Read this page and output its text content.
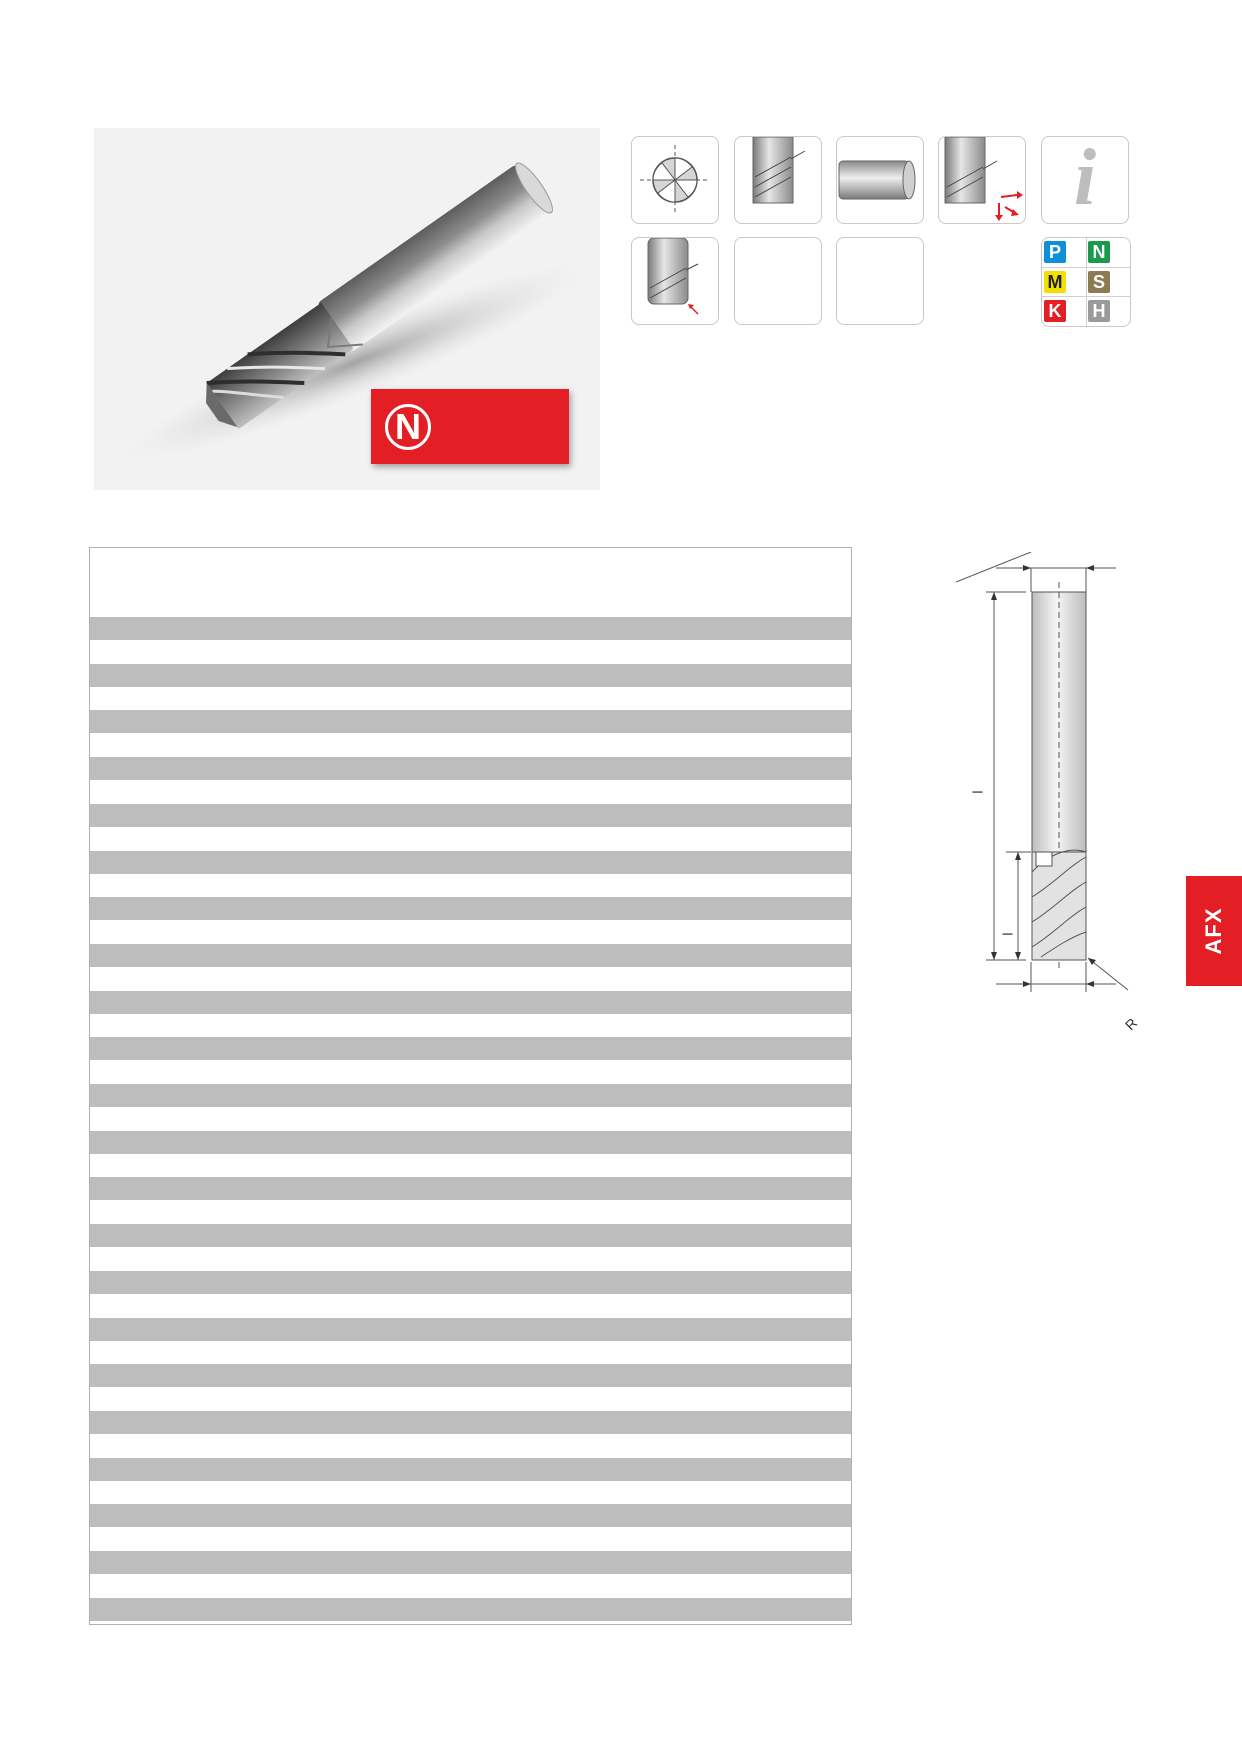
N
i
P N
M S
K H
l
l
R
AFX
